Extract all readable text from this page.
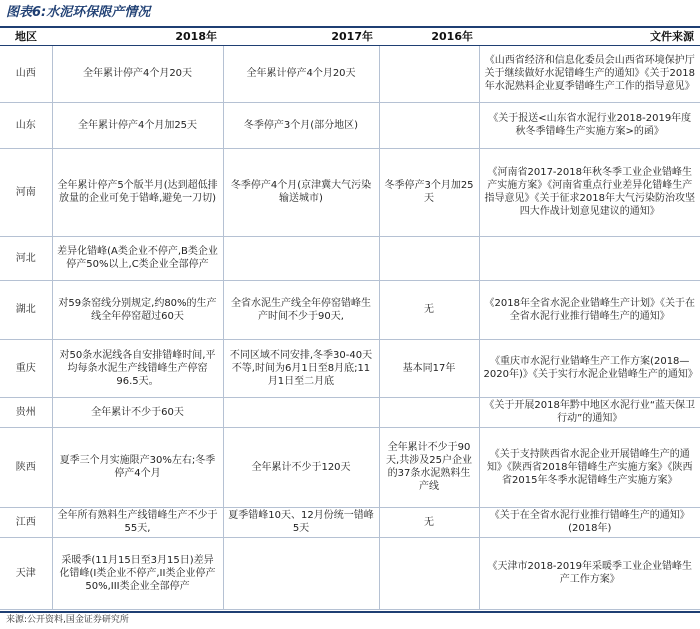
图表6:水泥环保限产情况
地区	2018年	2017年	2016年	文件来源
山西	全年累计停产4个月20天	全年累计停产4个月20天		《山西省经济和信息化委员会山西省环境保护厅关于继续做好水泥错峰生产的通知》《关于2018年水泥熟料企业夏季错峰生产工作的指导意见》
山东	全年累计停产4个月加25天	冬季停产3个月(部分地区)		《关于报送<山东省水泥行业2018-2019年度秋冬季错峰生产实施方案>的函》
河南	全年累计停产5个版半月(达到超低排放量的企业可免于错峰,避免一刀切)	冬季停产4个月(京津冀大气污染输送城市)	冬季停产3个月加25天	《河南省2017-2018年秋冬季工业企业错峰生产实施方案》《河南省重点行业差异化错峰生产指导意见》《关于征求2018年大气污染防治攻坚四大作战计划意见建议的通知》
河北	差异化错峰(A类企业不停产,B类企业停产50%以上,C类企业全部停产			
湖北	对59条窑线分别规定,约80%的生产线全年停窑超过60天	全省水泥生产线全年停窑错峰生产时间不少于90天,	无	《2018年全省水泥企业错峰生产计划》《关于在全省水泥行业推行错峰生产的通知》
重庆	对50条水泥线各自安排错峰时间,平均每条水泥生产线错峰生产停窑96.5天。	不同区域不同安排,冬季30-40天不等,时间为6月1日至8月底;11月1日至二月底	基本同17年	《重庆市水泥行业错峰生产工作方案(2018—2020年)》《关于实行水泥企业错峰生产的通知》
贵州	全年累计不少于60天			《关于开展2018年黔中地区水泥行业“蓝天保卫行动”的通知》
陕西	夏季三个月实施限产30%左右;冬季停产4个月	全年累计不少于120天	全年累计不少于90天,共涉及25户企业的37条水泥熟料生产线	《关于支持陕西省水泥企业开展错峰生产的通知》《陕西省2018年错峰生产实施方案》《陕西省2015年冬季水泥错峰生产实施方案》
江西	全年所有熟料生产线错峰生产不少于55天,	夏季错峰10天、12月份统一错峰5天	无	《关于在全省水泥行业推行错峰生产的通知》(2018年)
天津	采暖季(11月15日至3月15日)差异化错峰(I类企业不停产,II类企业停产50%,III类企业全部停产			《天津市2018-2019年采暖季工业企业错峰生产工作方案》
来源:公开资料,国金证券研究所
